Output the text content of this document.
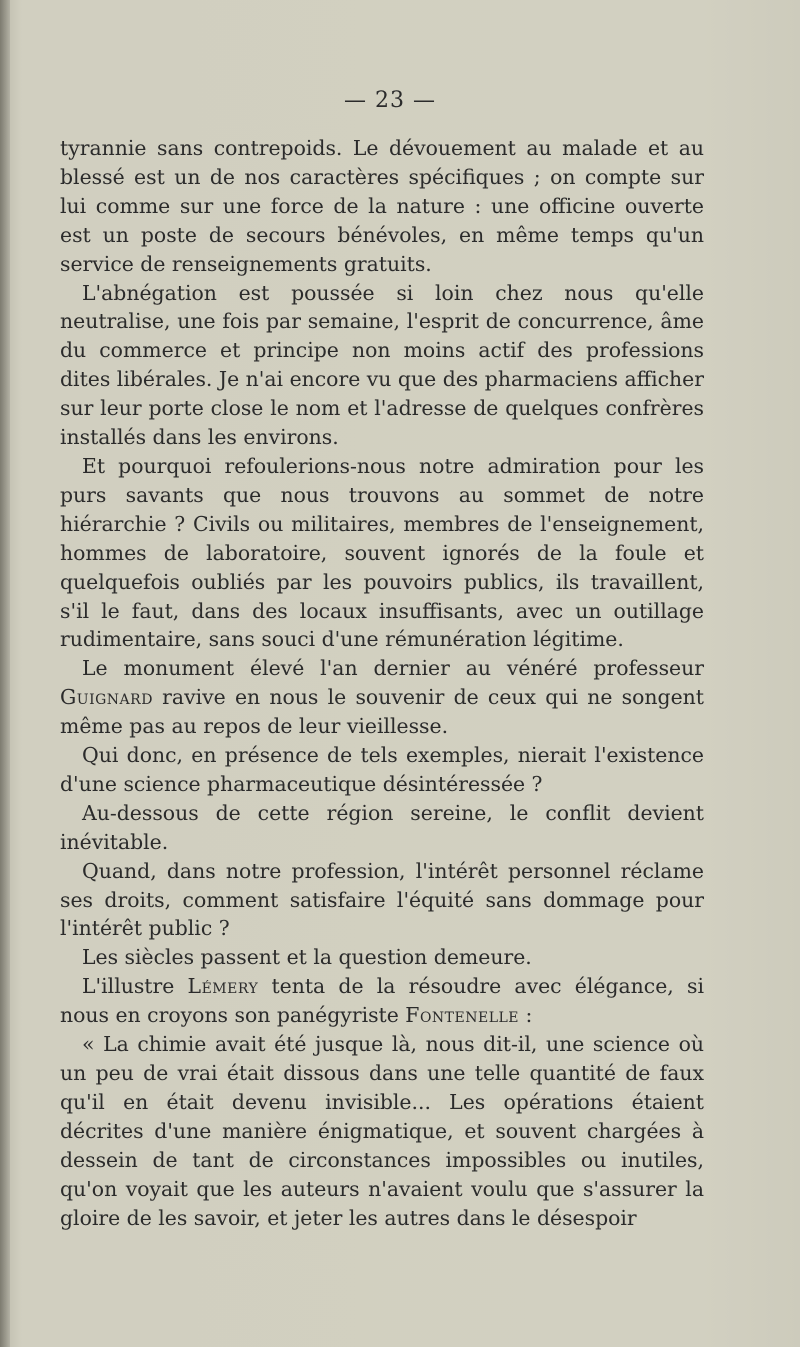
— 23 —

tyrannie sans contrepoids. Le dévouement au malade et au blessé est un de nos caractères spécifiques ; on compte sur lui comme sur une force de la nature : une officine ouverte est un poste de secours bénévoles, en même temps qu'un service de renseignements gratuits.

L'abnégation est poussée si loin chez nous qu'elle neutralise, une fois par semaine, l'esprit de concurrence, âme du commerce et principe non moins actif des professions dites libérales. Je n'ai encore vu que des pharmaciens afficher sur leur porte close le nom et l'adresse de quelques confrères installés dans les environs.

Et pourquoi refoulerions-nous notre admiration pour les purs savants que nous trouvons au sommet de notre hiérarchie ? Civils ou militaires, membres de l'enseignement, hommes de laboratoire, souvent ignorés de la foule et quelquefois oubliés par les pouvoirs publics, ils travaillent, s'il le faut, dans des locaux insuffisants, avec un outillage rudimentaire, sans souci d'une rémunération légitime.

Le monument élevé l'an dernier au vénéré professeur Guignard ravive en nous le souvenir de ceux qui ne songent même pas au repos de leur vieillesse.

Qui donc, en présence de tels exemples, nierait l'existence d'une science pharmaceutique désintéressée ?

Au-dessous de cette région sereine, le conflit devient inévitable.

Quand, dans notre profession, l'intérêt personnel réclame ses droits, comment satisfaire l'équité sans dommage pour l'intérêt public ?

Les siècles passent et la question demeure.

L'illustre Lémery tenta de la résoudre avec élégance, si nous en croyons son panégyriste Fontenelle :

« La chimie avait été jusque là, nous dit-il, une science où un peu de vrai était dissous dans une telle quantité de faux qu'il en était devenu invisible... Les opérations étaient décrites d'une manière énigmatique, et souvent chargées à dessein de tant de circonstances impossibles ou inutiles, qu'on voyait que les auteurs n'avaient voulu que s'assurer la gloire de les savoir, et jeter les autres dans le désespoir
